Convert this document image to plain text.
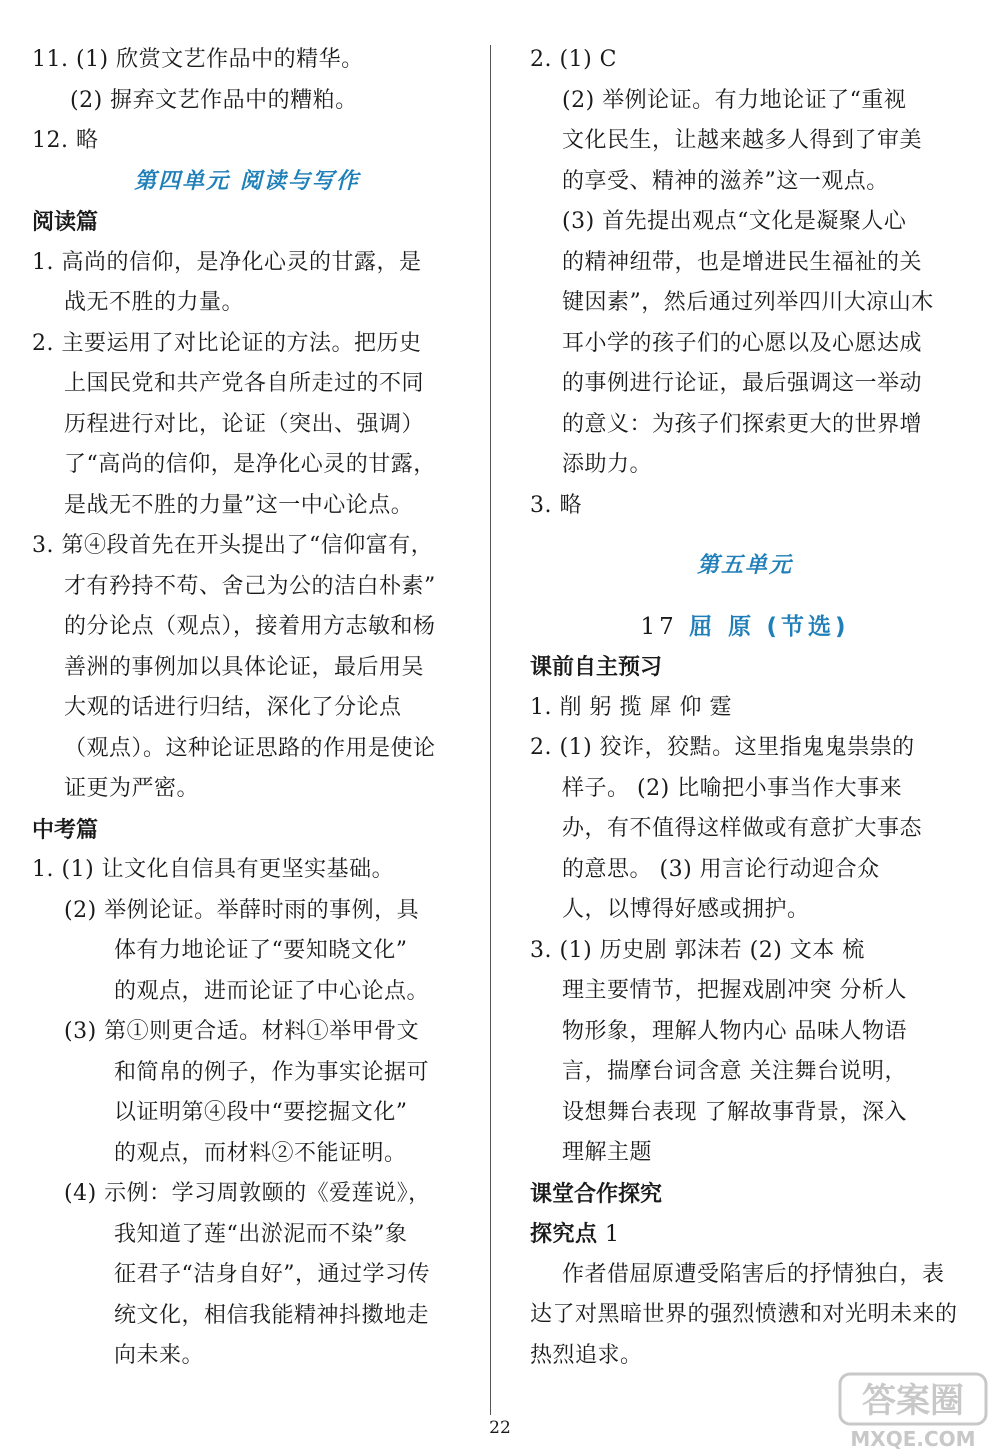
11. (1) 欣赏文艺作品中的精华。
(2) 摒弃文艺作品中的糟粕。
12. 略
第四单元 阅读与写作
阅读篇
1. 高尚的信仰，是净化心灵的甘露，是
战无不胜的力量。
2. 主要运用了对比论证的方法。把历史
上国民党和共产党各自所走过的不同
历程进行对比，论证（突出、强调）
了“高尚的信仰，是净化心灵的甘露，
是战无不胜的力量”这一中心论点。
3. 第④段首先在开头提出了“信仰富有，
才有矜持不苟、舍己为公的洁白朴素”
的分论点（观点），接着用方志敏和杨
善洲的事例加以具体论证，最后用吴
大观的话进行归结，深化了分论点
（观点）。这种论证思路的作用是使论
证更为严密。
中考篇
1. (1) 让文化自信具有更坚实基础。
(2) 举例论证。举薛时雨的事例，具
体有力地论证了“要知晓文化”
的观点，进而论证了中心论点。
(3) 第①则更合适。材料①举甲骨文
和简帛的例子，作为事实论据可
以证明第④段中“要挖掘文化”
的观点，而材料②不能证明。
(4) 示例：学习周敦颐的《爱莲说》，
我知道了莲“出淤泥而不染”象
征君子“洁身自好”，通过学习传
统文化，相信我能精神抖擞地走
向未来。
2. (1) C
(2) 举例论证。有力地论证了“重视
文化民生，让越来越多人得到了审美
的享受、精神的滋养”这一观点。
(3) 首先提出观点“文化是凝聚人心
的精神纽带，也是增进民生福祉的关
键因素”，然后通过列举四川大凉山木
耳小学的孩子们的心愿以及心愿达成
的事例进行论证，最后强调这一举动
的意义：为孩子们探索更大的世界增
添助力。
3. 略
第五单元
17 屈 原 (节选)
课前自主预习
1. 削 躬 揽 犀 仰 霆
2. (1) 狡诈，狡黠。这里指鬼鬼祟祟的
样子。 (2) 比喻把小事当作大事来
办，有不值得这样做或有意扩大事态
的意思。 (3) 用言论行动迎合众
人，以博得好感或拥护。
3. (1) 历史剧 郭沫若 (2) 文本 梳
理主要情节，把握戏剧冲突 分析人
物形象，理解人物内心 品味人物语
言，揣摩台词含意 关注舞台说明，
设想舞台表现 了解故事背景，深入
理解主题
课堂合作探究
探究点 1
作者借屈原遭受陷害后的抒情独白，表
达了对黑暗世界的强烈愤懑和对光明未来的
热烈追求。
22
答案圈
MXQE.COM
